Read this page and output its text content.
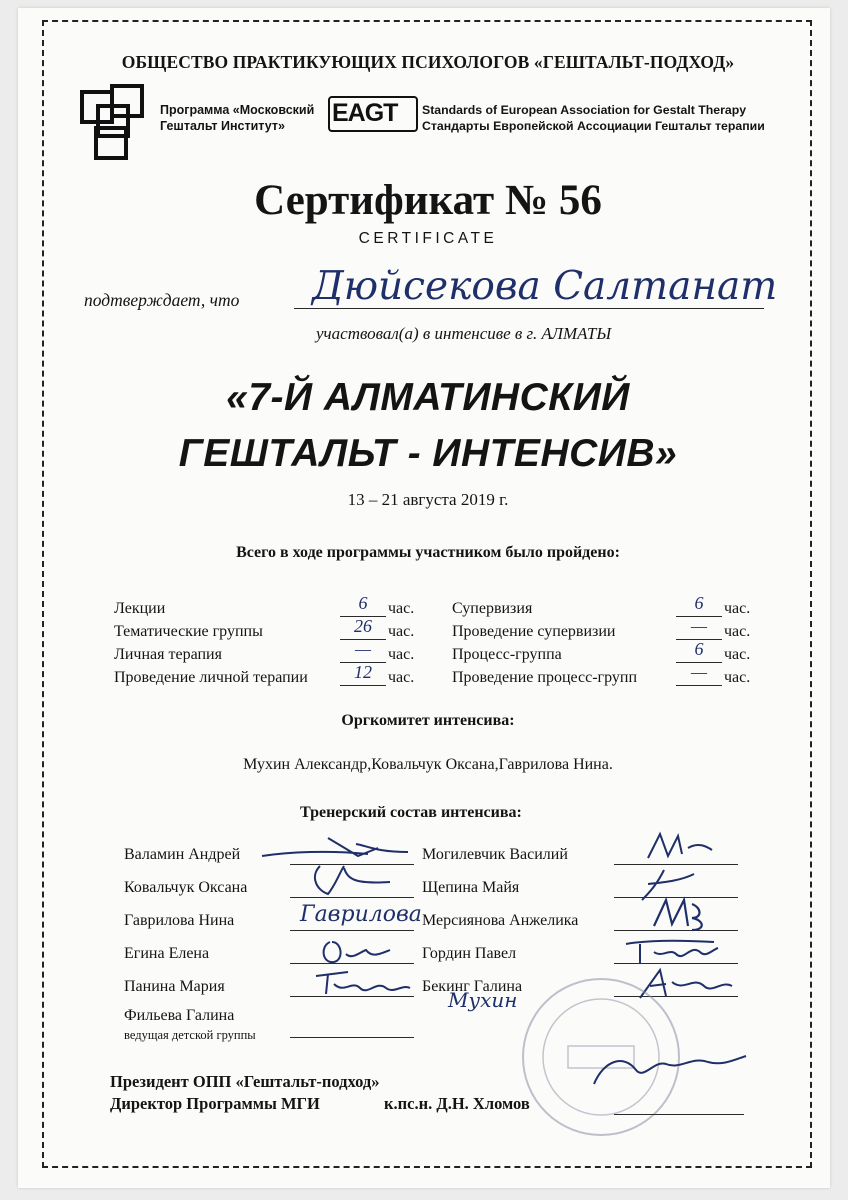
ОБЩЕСТВО ПРАКТИКУЮЩИХ ПСИХОЛОГОВ «ГЕШТАЛЬТ-ПОДХОД»
Программа «Московский
Гештальт Институт»	EAGT Standards of European Association for Gestalt Therapy
Стандарты Европейской Ассоциации Гештальт терапии
Сертификат № 56
CERTIFICATE
подтверждает, что Дюйсекова Салтанат
участвовал(а) в интенсиве в г. АЛМАТЫ
«7-Й АЛМАТИНСКИЙ
ГЕШТАЛЬТ - ИНТЕНСИВ»
13 – 21 августа 2019 г.
Всего в ходе программы участником было пройдено:
Лекции
Тематические группы
Личная терапия
Проведение личной терапии
6
26
—
12
час.
час.
час.
час.
Супервизия
Проведение супервизии
Процесс-группа
Проведение процесс-групп
6
—
6
—
час.
час.
час.
час.
Оргкомитет интенсива:
Мухин Александр,Ковальчук Оксана,Гаврилова Нина.
Тренерский состав интенсива:
Валамин Андрей
Ковальчук Оксана
Гаврилова Нина
Егина Елена
Панина Мария
Фильева Галина
ведущая детской группы
Могилевчик Василий
Щепина Майя
Мерсиянова Анжелика
Гордин Павел
Бекинг Галина
Гаврилова
Мухин
Президент ОПП «Гештальт-подход»
Директор Программы МГИ	к.пс.н. Д.Н. Хломов
